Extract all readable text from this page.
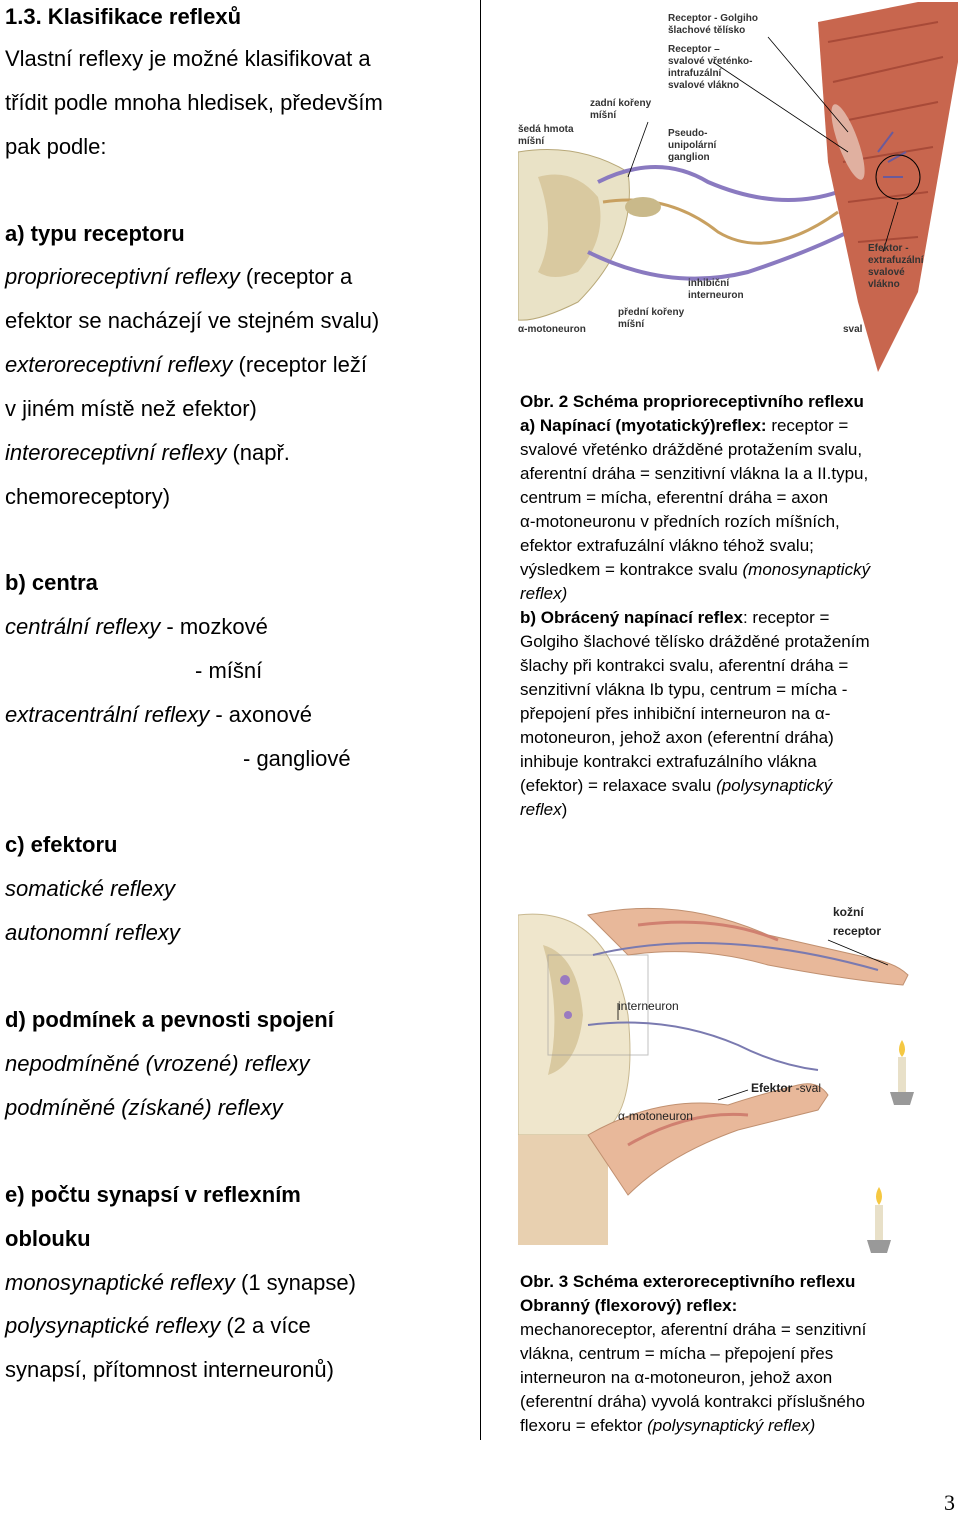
1.3. Klasifikace reflexů
Vlastní reflexy je možné klasifikovat a
třídit podle mnoha hledisek, především
pak podle:
a) typu receptoru
proprioreceptivní reflexy (receptor a
efektor se nacházejí ve stejném svalu)
exteroreceptivní reflexy (receptor leží
v jiném místě než efektor)
interoreceptivní reflexy (např.
chemoreceptory)
b) centra
centrální reflexy - mozkové
- míšní
extracentrální reflexy - axonové
- gangliové
c) efektoru
somatické reflexy
autonomní reflexy
d) podmínek a pevnosti spojení
nepodmíněné (vrozené) reflexy
podmíněné (získané) reflexy
e) počtu synapsí v reflexním
oblouku
monosynaptické reflexy (1 synapse)
polysynaptické reflexy (2 a více
synapsí, přítomnost interneuronů)
Receptor - Golgiho
šlachové tělísko
Receptor –
svalové vřeténko-
intrafuzální
svalové vlákno
zadní kořeny
míšní
šedá hmota
míšní
Pseudo-
unipolární
ganglion
Efektor -
extrafuzální
svalové
vlákno
inhibiční
interneuron
přední kořeny
míšní
α-motoneuron	sval
Obr. 2 Schéma proprioreceptivního reflexu
a) Napínací (myotatický)reflex: receptor =
svalové vřeténko drážděné protažením svalu,
aferentní dráha = senzitivní vlákna Ia a II.typu,
centrum = mícha, eferentní dráha = axon
α-motoneuronu v předních rozích míšních,
efektor extrafuzální vlákno téhož svalu;
výsledkem = kontrakce svalu (monosynaptický
reflex)
b) Obrácený napínací reflex: receptor =
Golgiho šlachové tělísko drážděné protažením
šlachy při kontrakci svalu, aferentní dráha =
senzitivní vlákna Ib typu, centrum = mícha -
přepojení přes inhibiční interneuron na α-
motoneuron, jehož axon (eferentní dráha)
inhibuje kontrakci extrafuzálního vlákna
(efektor) = relaxace svalu (polysynaptický
reflex)
kožní
receptor
interneuron
Efektor -sval
α-motoneuron
Obr. 3 Schéma exteroreceptivního reflexu
Obranný (flexorový) reflex:
mechanoreceptor, aferentní dráha = senzitivní
vlákna, centrum = mícha – přepojení přes
interneuron na α-motoneuron, jehož axon
(eferentní dráha) vyvolá kontrakci příslušného
flexoru = efektor (polysynaptický reflex)
3
